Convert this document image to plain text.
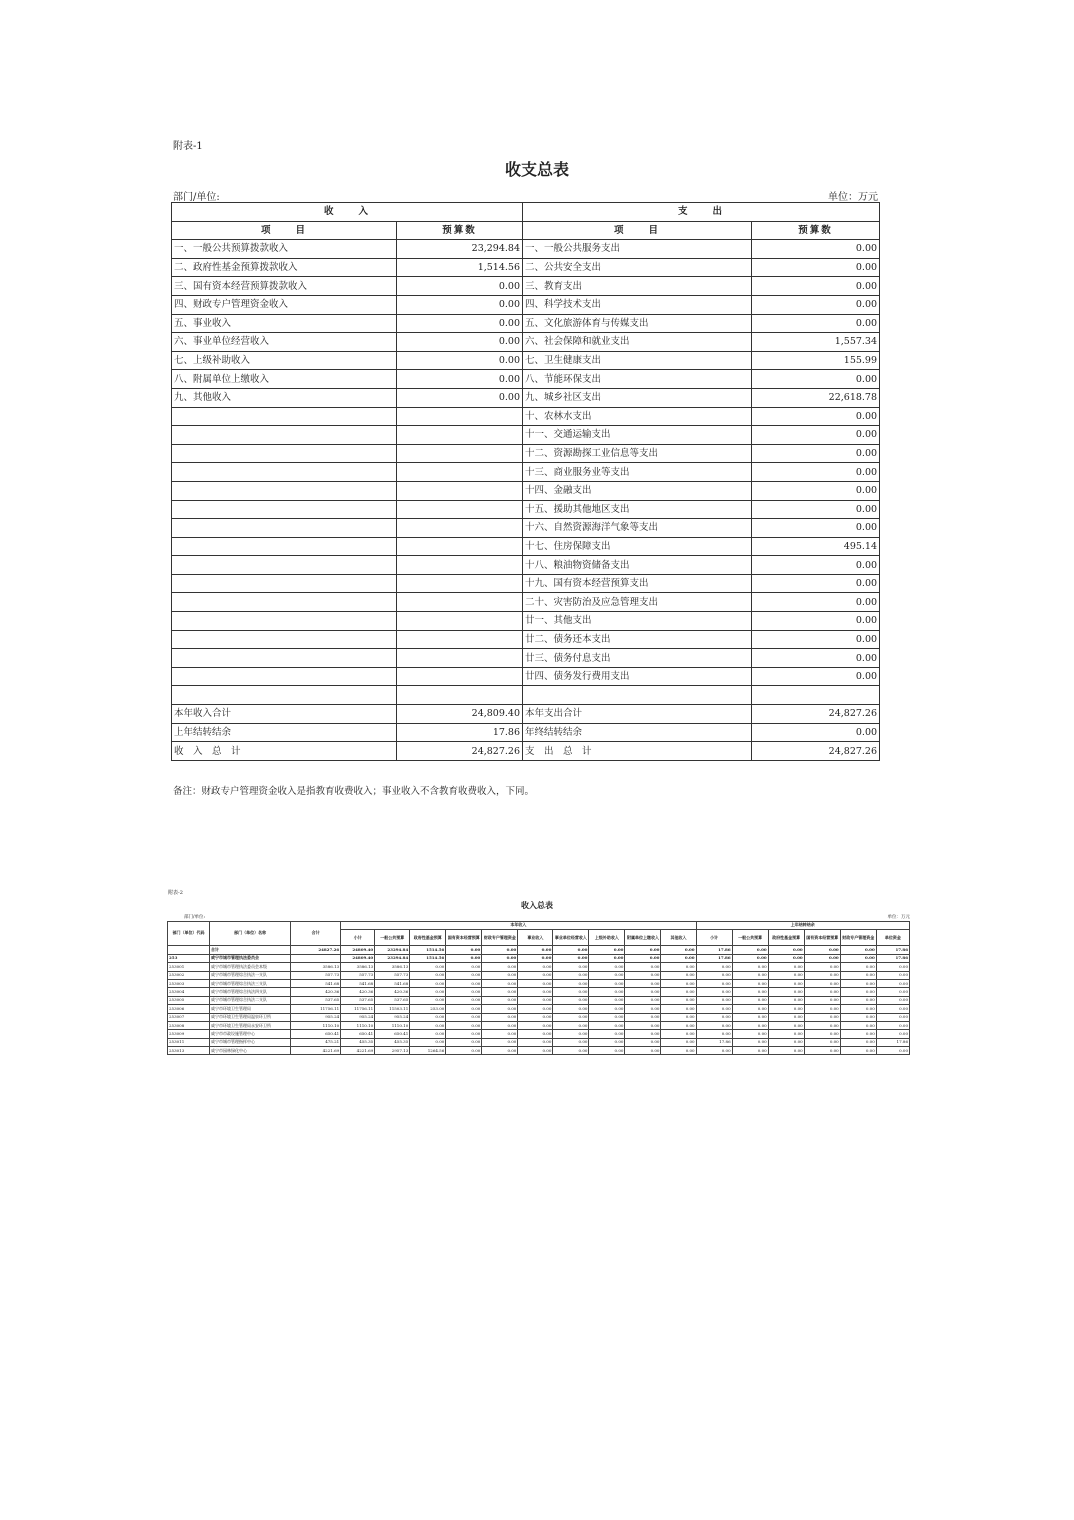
附表-1
收支总表
部门/单位:	单位：万元
收　　入		支　　出	
项　　目	预算数	项　　目	预算数
一、一般公共预算拨款收入	23,294.84	一、一般公共服务支出	0.00
二、政府性基金预算拨款收入	1,514.56	二、公共安全支出	0.00
三、国有资本经营预算拨款收入	0.00	三、教育支出	0.00
四、财政专户管理资金收入	0.00	四、科学技术支出	0.00
五、事业收入	0.00	五、文化旅游体育与传媒支出	0.00
六、事业单位经营收入	0.00	六、社会保障和就业支出	1,557.34
七、上级补助收入	0.00	七、卫生健康支出	155.99
八、附属单位上缴收入	0.00	八、节能环保支出	0.00
九、其他收入	0.00	九、城乡社区支出	22,618.78
		十、农林水支出	0.00
		十一、交通运输支出	0.00
		十二、资源勘探工业信息等支出	0.00
		十三、商业服务业等支出	0.00
		十四、金融支出	0.00
		十五、援助其他地区支出	0.00
		十六、自然资源海洋气象等支出	0.00
		十七、住房保障支出	495.14
		十八、粮油物资储备支出	0.00
		十九、国有资本经营预算支出	0.00
		二十、灾害防治及应急管理支出	0.00
		廿一、其他支出	0.00
		廿二、债务还本支出	0.00
		廿三、债务付息支出	0.00
		廿四、债务发行费用支出	0.00

本年收入合计	24,809.40	本年支出合计	24,827.26
上年结转结余	17.86	年终结转结余	0.00
收　入　总　计	24,827.26	支　出　总　计	24,827.26
备注：财政专户管理资金收入是指教育收费收入；事业收入不含教育收费收入，下同。
附表-2
收入总表
部门/单位:	单位：万元
部门（单位）代码	部门（单位）名称	合计	本年收入										上年结转结余					
			小计	一般公共预算	政府性基金预算	国有资本经营预算	财政专户管理资金	事业收入	事业单位经营收入	上级补助收入	附属单位上缴收入	其他收入	小计	一般公共预算	政府性基金预算	国有资本经营预算	财政专户管理资金	单位资金
	合计	24827.26	24809.40	23294.84	1514.56	0.00	0.00	0.00	0.00	0.00	0.00	0.00	17.86	0.00	0.00	0.00	0.00	17.86
253	咸宁市城市管理执法委员会		24809.40	23294.84	1514.56	0.00	0.00	0.00	0.00	0.00	0.00	0.00	17.86	0.00	0.00	0.00	0.00	17.86
253001	咸宁市城市管理执法委员会本级	3586.13	3586.13	3586.13	0.00	0.00	0.00	0.00	0.00	0.00	0.00	0.00	0.00	0.00	0.00	0.00	0.00	0.00
253002	咸宁市城市管理综合执法一支队	557.73	557.73	557.73	0.00	0.00	0.00	0.00	0.00	0.00	0.00	0.00	0.00	0.00	0.00	0.00	0.00	0.00
253003	咸宁市城市管理综合执法三支队	541.68	541.68	541.68	0.00	0.00	0.00	0.00	0.00	0.00	0.00	0.00	0.00	0.00	0.00	0.00	0.00	0.00
253004	咸宁市城市管理综合执法四支队	420.36	420.36	420.36	0.00	0.00	0.00	0.00	0.00	0.00	0.00	0.00	0.00	0.00	0.00	0.00	0.00	0.00
253005	咸宁市城市管理综合执法二支队	537.65	537.65	537.65	0.00	0.00	0.00	0.00	0.00	0.00	0.00	0.00	0.00	0.00	0.00	0.00	0.00	0.00
253006	咸宁市环境卫生管理局	11756.11	11756.11	11503.11	253.00	0.00	0.00	0.00	0.00	0.00	0.00	0.00	0.00	0.00	0.00	0.00	0.00	0.00
253007	咸宁市环境卫生管理局温泉环卫所	955.24	955.24	955.24	0.00	0.00	0.00	0.00	0.00	0.00	0.00	0.00	0.00	0.00	0.00	0.00	0.00	0.00
253008	咸宁市环境卫生管理局永安环卫所	1110.10	1110.10	1110.10	0.00	0.00	0.00	0.00	0.00	0.00	0.00	0.00	0.00	0.00	0.00	0.00	0.00	0.00
253009	咸宁市市政设施管理中心	650.41	650.41	650.41	0.00	0.00	0.00	0.00	0.00	0.00	0.00	0.00	0.00	0.00	0.00	0.00	0.00	0.00
253011	咸宁市城市管理指挥中心	475.21	455.35	455.35	0.00	0.00	0.00	0.00	0.00	0.00	0.00	0.00	17.86	0.00	0.00	0.00	0.00	17.86
253013	咸宁市园林绿化中心	4221.69	4221.69	2957.13	1264.56	0.00	0.00	0.00	0.00	0.00	0.00	0.00	0.00	0.00	0.00	0.00	0.00	0.00
